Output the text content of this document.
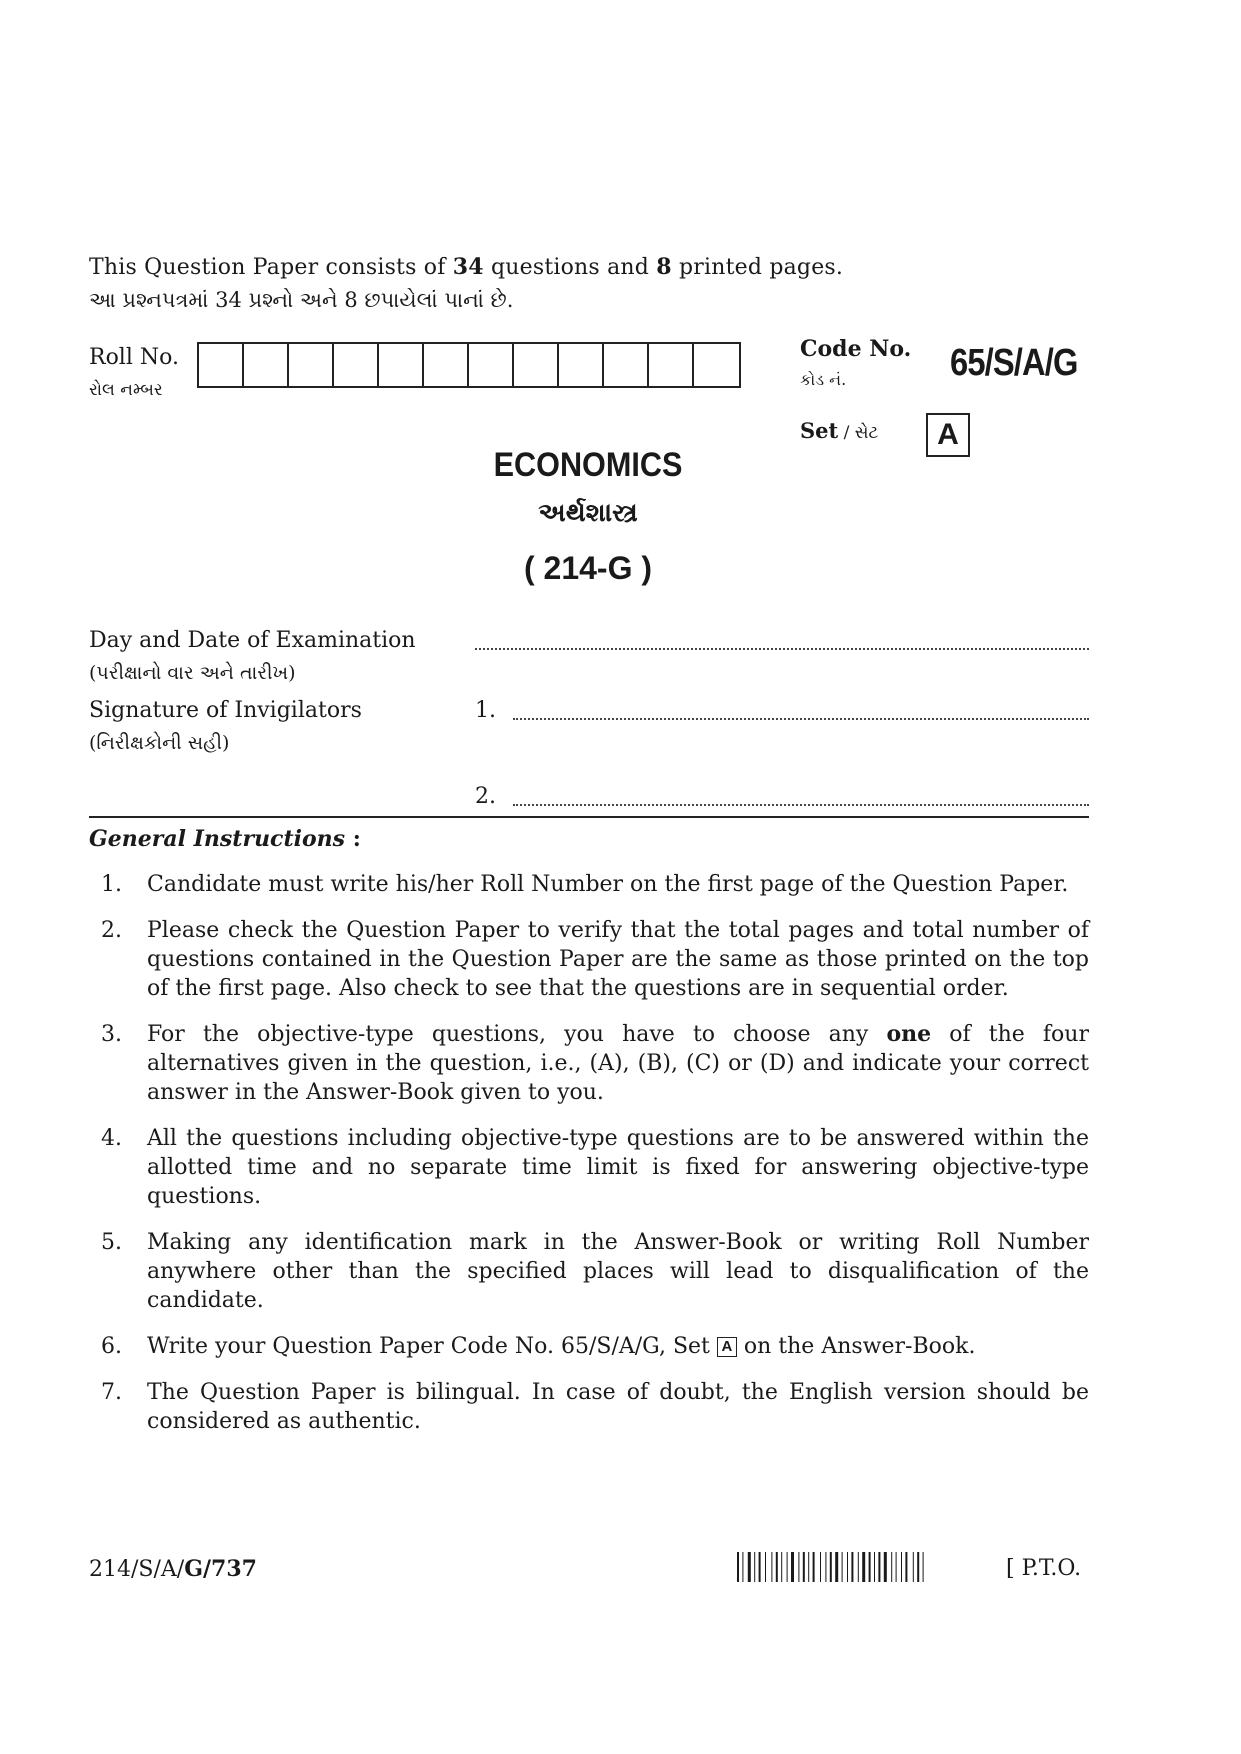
This Question Paper consists of 34 questions and 8 printed pages.
આ પ્રશ્નપત્રમાં 34 પ્રશ્નો અને 8 છપાયેલાં પાનાં છે.
Roll No.
રોલ નમ્બર
Code No.
કોડ નં.	65/S/A/G
Set / સેટ	A
ECONOMICS
અર્થશાસ્ત્ર
( 214-G )
Day and Date of Examination
(પરીક્ષાનો વાર અને તારીખ)
Signature of Invigilators
(નિરીક્ષકોની સહી)
1.
2.
General Instructions :
1.	Candidate must write his/her Roll Number on the first page of the Question Paper.
2.	Please check the Question Paper to verify that the total pages and total number of questions contained in the Question Paper are the same as those printed on the top of the first page. Also check to see that the questions are in sequential order.
3.	For the objective-type questions, you have to choose any one of the four alternatives given in the question, i.e., (A), (B), (C) or (D) and indicate your correct answer in the Answer-Book given to you.
4.	All the questions including objective-type questions are to be answered within the allotted time and no separate time limit is fixed for answering objective-type questions.
5.	Making any identification mark in the Answer-Book or writing Roll Number anywhere other than the specified places will lead to disqualification of the candidate.
6.	Write your Question Paper Code No. 65/S/A/G, Set A on the Answer-Book.
7.	The Question Paper is bilingual. In case of doubt, the English version should be considered as authentic.
214/S/A/G/737	[ P.T.O.
